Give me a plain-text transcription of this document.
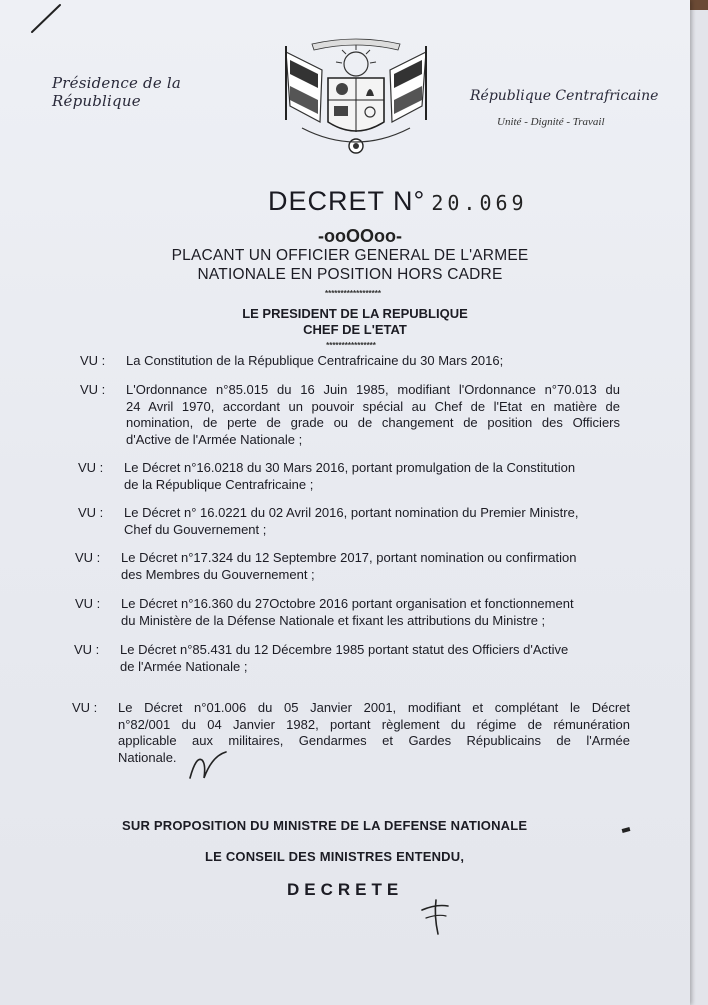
Présidence de la République	République Centrafricaine
Unité - Dignité - Travail
DECRET N° 20.069
-ooOOoo-
PLACANT UN OFFICIER GENERAL DE L'ARMEE
NATIONALE EN POSITION HORS CADRE
******************
LE PRESIDENT DE LA REPUBLIQUE
CHEF DE L'ETAT
****************
VU :	La Constitution de la République Centrafricaine du 30 Mars 2016;
VU :	L'Ordonnance n°85.015 du 16 Juin 1985, modifiant l'Ordonnance n°70.013 du
24 Avril 1970, accordant un pouvoir spécial au Chef de l'Etat en matière de
nomination, de perte de grade ou de changement de position des Officiers
d'Active de l'Armée Nationale ;
VU :	Le Décret n°16.0218 du 30 Mars 2016, portant promulgation de la Constitution
de la République Centrafricaine ;
VU :	Le Décret n° 16.0221 du 02 Avril 2016, portant nomination du Premier Ministre,
Chef du Gouvernement ;
VU :	Le Décret n°17.324 du 12 Septembre 2017, portant nomination ou confirmation
des Membres du Gouvernement ;
VU :	Le Décret n°16.360 du 27Octobre 2016 portant organisation et fonctionnement
du Ministère de la Défense Nationale et fixant les attributions du Ministre ;
VU :	Le Décret n°85.431 du 12 Décembre 1985 portant statut des Officiers d'Active
de l'Armée Nationale ;
VU :	Le Décret n°01.006 du 05 Janvier 2001, modifiant et complétant le Décret
n°82/001 du 04 Janvier 1982, portant règlement du régime de rémunération
applicable aux militaires, Gendarmes et Gardes Républicains de l'Armée
Nationale.
SUR PROPOSITION DU MINISTRE DE LA DEFENSE NATIONALE
LE CONSEIL DES MINISTRES ENTENDU,
DECRETE
